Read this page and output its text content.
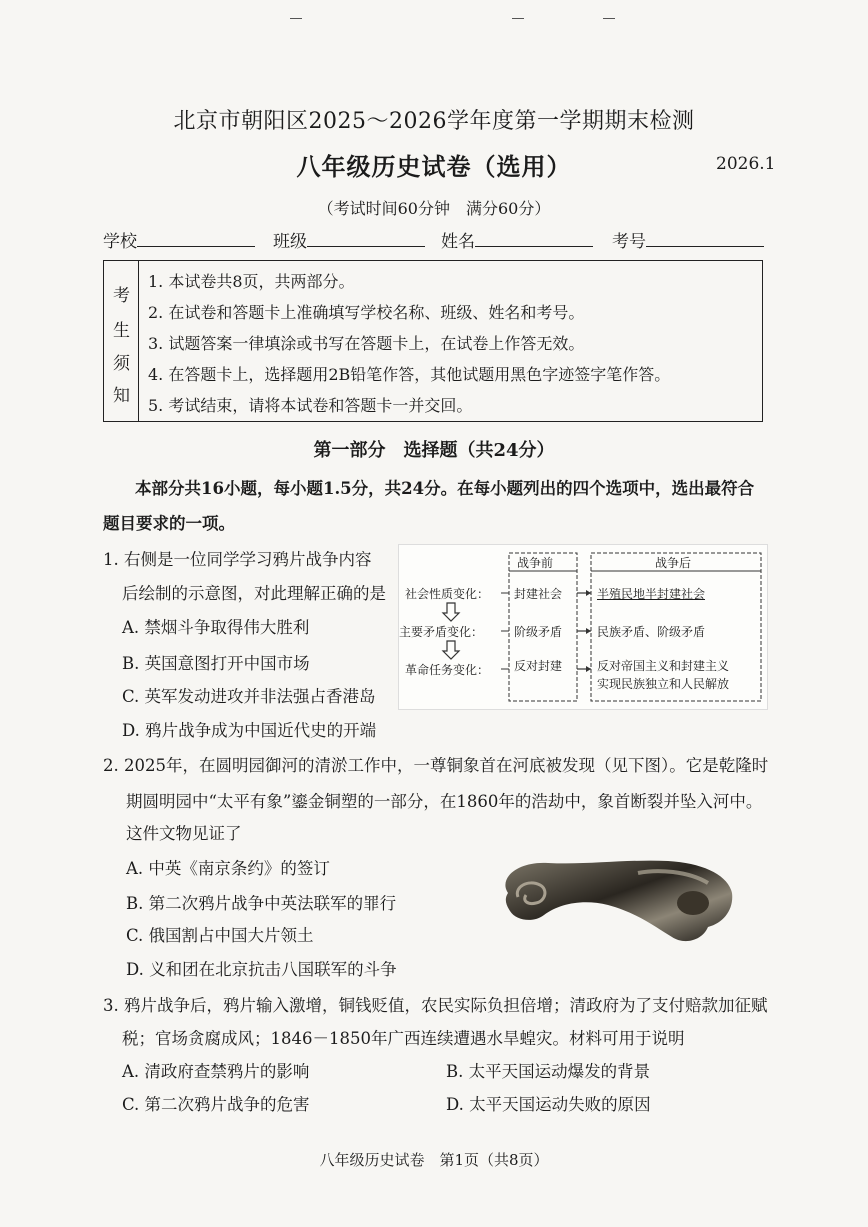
北京市朝阳区2025～2026学年度第一学期期末检测
八年级历史试卷（选用）	2026.1
（考试时间60分钟　满分60分）
学校	班级	姓名	考号
考
生
须
知
1. 本试卷共8页，共两部分。
2. 在试卷和答题卡上准确填写学校名称、班级、姓名和考号。
3. 试题答案一律填涂或书写在答题卡上，在试卷上作答无效。
4. 在答题卡上，选择题用2B铅笔作答，其他试题用黑色字迹签字笔作答。
5. 考试结束，请将本试卷和答题卡一并交回。
第一部分　选择题（共24分）
本部分共16小题，每小题1.5分，共24分。在每小题列出的四个选项中，选出最符合
题目要求的一项。
1. 右侧是一位同学学习鸦片战争内容
后绘制的示意图，对此理解正确的是
A. 禁烟斗争取得伟大胜利
B. 英国意图打开中国市场
C. 英军发动进攻并非法强占香港岛
D. 鸦片战争成为中国近代史的开端
战争前	战争后
社会性质变化： 封建社会	半殖民地半封建社会
主要矛盾变化：	阶级矛盾	民族矛盾、阶级矛盾
革命任务变化： 反对封建	反对帝国主义和封建主义
实现民族独立和人民解放
2. 2025年，在圆明园御河的清淤工作中，一尊铜象首在河底被发现（见下图）。它是乾隆时
期圆明园中“太平有象”鎏金铜塑的一部分，在1860年的浩劫中，象首断裂并坠入河中。
这件文物见证了
A. 中英《南京条约》的签订
B. 第二次鸦片战争中英法联军的罪行
C. 俄国割占中国大片领土
D. 义和团在北京抗击八国联军的斗争
3. 鸦片战争后，鸦片输入激增，铜钱贬值，农民实际负担倍增；清政府为了支付赔款加征赋
税；官场贪腐成风；1846－1850年广西连续遭遇水旱蝗灾。材料可用于说明
A. 清政府查禁鸦片的影响	B. 太平天国运动爆发的背景
C. 第二次鸦片战争的危害	D. 太平天国运动失败的原因
八年级历史试卷　第1页（共8页）
